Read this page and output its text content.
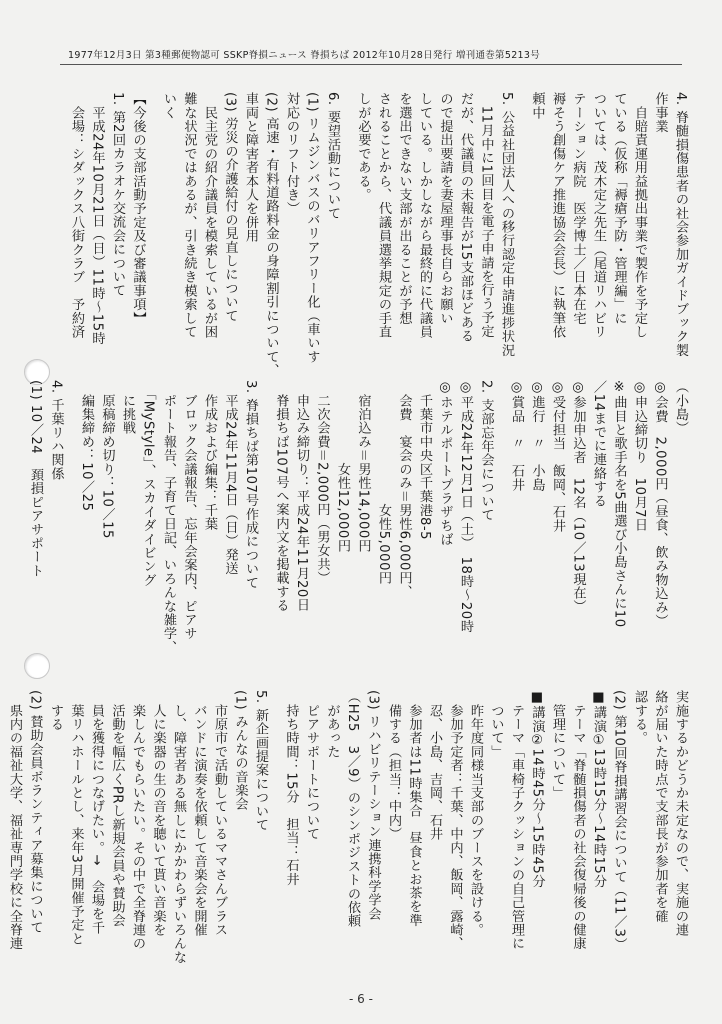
1977年12月3日 第3種郵便物認可 SSKP脊損ニュース 脊損ちば 2012年10月28日発行 増刊通巻第5213号
4. 脊髄損傷患者の社会参加ガイドブック製
作事業
　自賠責運用益拠出事業で製作を予定し
ている（仮称「褥瘡予防・管理編」に
ついては、茂木定之先生（尾道リハビリ
テーション病院　医学博士／日本在宅
褥そう創傷ケア推進協会会長）に執筆依
頼中
5. 公益社団法人への移行認定申請進捗状況
　11月中に1回目を電子申請を行う予定
だが、代議員の未報告が15支部ほどある
ので提出要請を妻屋理事長自らお願い
している。しかしながら最終的に代議員
を選出できない支部が出ることが予想
されることから、代議員選挙規定の手直
しが必要である。
6. 要望活動について
(1) リムジンバスのバリアフリー化（車いす
対応のリフト付き）
(2) 高速・有料道路料金の身障割引について、
車両と障害者本人を併用
(3) 労災の介護給付の見直しについて
　民主党の紹介議員を模索しているが困
難な状況ではあるが、引き続き模索して
いく
【今後の支部活動予定及び審議事項】
1. 第2回カラオケ交流会について
　平成24年10月21日（日）11時～15時
　会場：シダックス八街クラブ　予約済
（小島）
◎会費　2,000円（昼食、飲み物込み）
◎申込締切り　10月7日
※曲目と歌手名を5曲選び小島さんに10
／14までに連絡する
◎参加申込者　12名（10／13現在）
◎受付担当　飯岡、石井
◎進行　〃　小島
◎賞品　〃　石井
2. 支部忘年会について
◎平成24年12月1日（土）　18時～20時
◎ホテルポートプラザちば
　千葉市中央区千葉港8-5
　会費　宴会のみ＝男性6,000円、
　　　　　　　　　女性5,000円
　宿泊込み＝男性14,000円
　　　　　　女性12,000円
　二次会費＝2,000円（男女共）
　申込み締切り：平成24年11月20日
　脊損ちば107号へ案内文を掲載する
3. 脊損ちば第107号作成について
　平成24年11月4日（日）発送
　作成および編集：千葉
　ブロック会議報告、忘年会案内、ピアサ
　ポート報告、子育て日記、いろんな雑学、
　「MyStyle」、スカイダイビング
　に挑戦
　原稿締め切り：10／15
　編集締め：10／25
4. 千葉リハ関係
(1) 10／24　頚損ピアサポート
実施するかどうか未定なので、実施の連
絡が届いた時点で支部長が参加者を確
認する。
(2) 第10回脊損講習会について（11／3）
■講演①13時15分～14時15分
　テーマ「脊髄損傷者の社会復帰後の健康
　管理について」
■講演②14時45分～15時45分
　テーマ「車椅子クッションの自己管理に
　ついて」
　昨年度同様当支部のブースを設ける。
　参加予定者：千葉、中内、飯岡、露崎、
　忍、小島、吉岡、石井
　参加者は11時集合　昼食とお茶を準
　備する（担当：中内）
(3) リハビリテーション連携科学学会
（H25　3／9）のシンポジストの依頼
　があった
　ピアサポートについて
　持ち時間：15分　担当：石井
5. 新企画提案について
(1) みんなの音楽会
　市原市で活動しているママさんブラス
　バンドに演奏を依頼して音楽会を開催
　し、障害者ある無しにかかわらずいろんな
　人に楽器の生の音を聴いて貰い音楽を
　楽しんでもらいたい。その中で全脊連の
　活動を幅広くPRし新規会員や賛助会
　員を獲得につなげたい。→　会場を千
　葉リハホールとし、来年3月開催予定と
　する
(2) 賛助会員ボランティア募集について
　県内の福祉大学、福祉専門学校に全脊連
- 6 -
